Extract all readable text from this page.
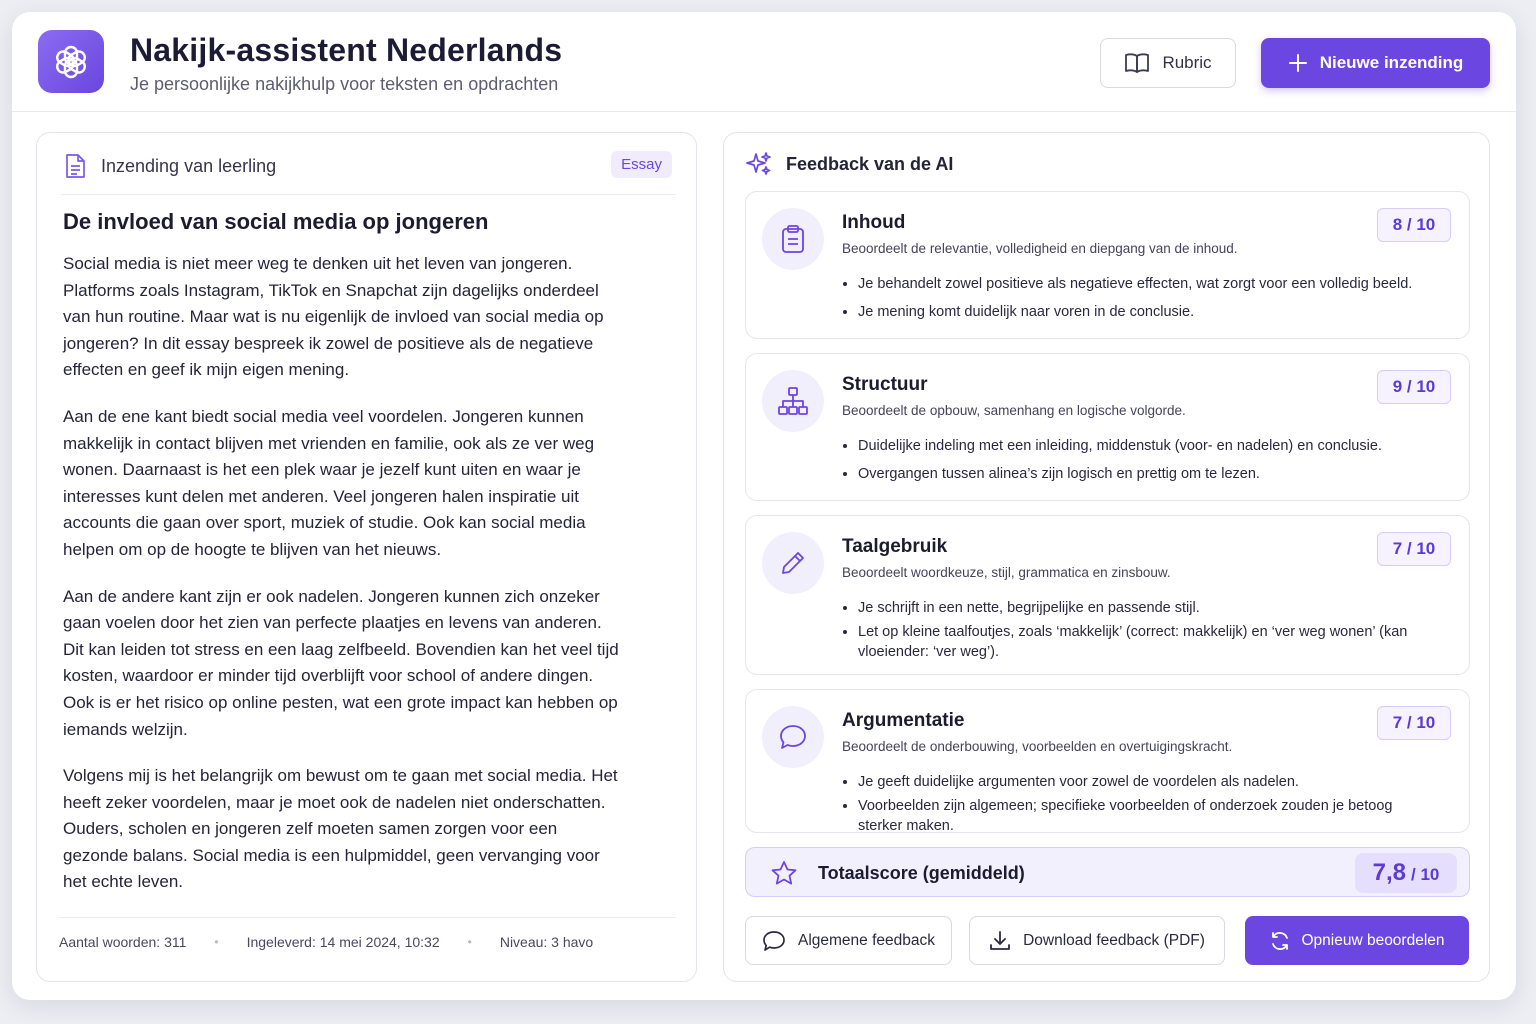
Nakijk-assistent Nederlands
Je persoonlijke nakijkhulp voor teksten en opdrachten
Rubric	Nieuwe inzending
Inzending van leerling	Essay
De invloed van social media op jongeren

Social media is niet meer weg te denken uit het leven van jongeren. Platforms zoals Instagram, TikTok en Snapchat zijn dagelijks onderdeel van hun routine. Maar wat is nu eigenlijk de invloed van social media op jongeren? In dit essay bespreek ik zowel de positieve als de negatieve effecten en geef ik mijn eigen mening.

Aan de ene kant biedt social media veel voordelen. Jongeren kunnen makkelijk in contact blijven met vrienden en familie, ook als ze ver weg wonen. Daarnaast is het een plek waar je jezelf kunt uiten en waar je interesses kunt delen met anderen. Veel jongeren halen inspiratie uit accounts die gaan over sport, muziek of studie. Ook kan social media helpen om op de hoogte te blijven van het nieuws.

Aan de andere kant zijn er ook nadelen. Jongeren kunnen zich onzeker gaan voelen door het zien van perfecte plaatjes en levens van anderen. Dit kan leiden tot stress en een laag zelfbeeld. Bovendien kan het veel tijd kosten, waardoor er minder tijd overblijft voor school of andere dingen. Ook is er het risico op online pesten, wat een grote impact kan hebben op iemands welzijn.

Volgens mij is het belangrijk om bewust om te gaan met social media. Het heeft zeker voordelen, maar je moet ook de nadelen niet onderschatten. Ouders, scholen en jongeren zelf moeten samen zorgen voor een gezonde balans. Social media is een hulpmiddel, geen vervanging voor het echte leven.

Aantal woorden: 311 • Ingeleverd: 14 mei 2024, 10:32 • Niveau: 3 havo
Feedback van de AI
Inhoud
Beoordeelt de relevantie, volledigheid en diepgang van de inhoud.
8 / 10
• Je behandelt zowel positieve als negatieve effecten, wat zorgt voor een volledig beeld.
• Je mening komt duidelijk naar voren in de conclusie.
Structuur
Beoordeelt de opbouw, samenhang en logische volgorde.
9 / 10
• Duidelijke indeling met een inleiding, middenstuk (voor- en nadelen) en conclusie.
• Overgangen tussen alinea’s zijn logisch en prettig om te lezen.
Taalgebruik
Beoordeelt woordkeuze, stijl, grammatica en zinsbouw.
7 / 10
• Je schrijft in een nette, begrijpelijke en passende stijl.
• Let op kleine taalfoutjes, zoals ‘makkelijk’ (correct: makkelijk) en ‘ver weg wonen’ (kan vloeiender: ‘ver weg’).
Argumentatie
Beoordeelt de onderbouwing, voorbeelden en overtuigingskracht.
7 / 10
• Je geeft duidelijke argumenten voor zowel de voordelen als nadelen.
• Voorbeelden zijn algemeen; specifieke voorbeelden of onderzoek zouden je betoog sterker maken.
Totaalscore (gemiddeld)	7,8 / 10
Algemene feedback	Download feedback (PDF)	Opnieuw beoordelen
